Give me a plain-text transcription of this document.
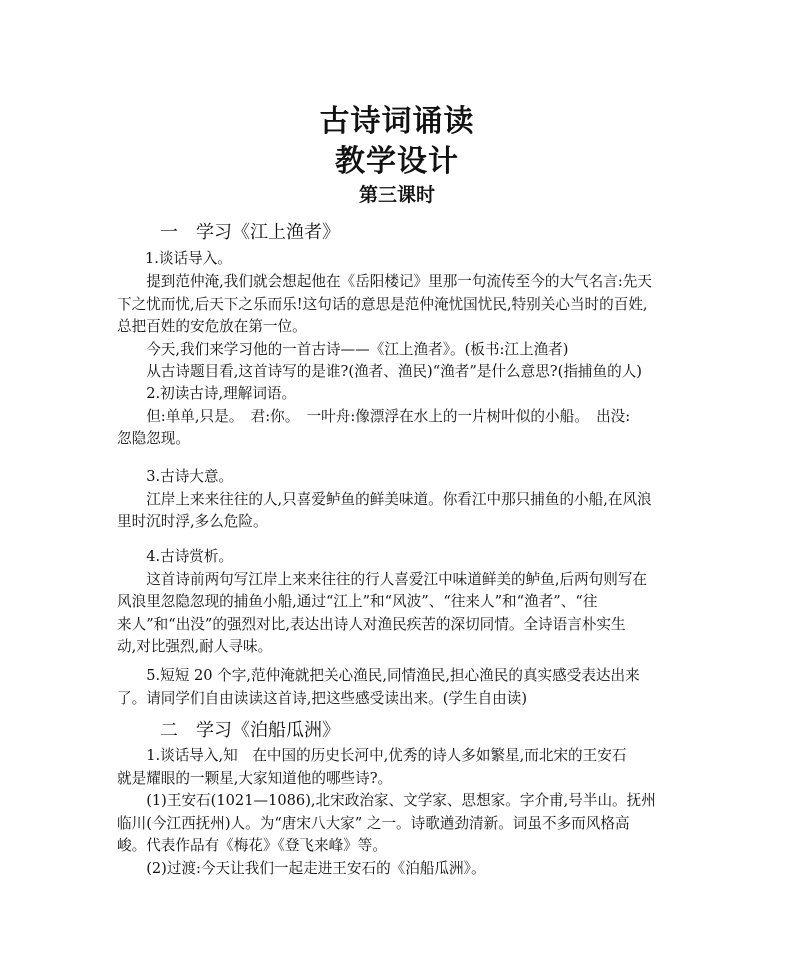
古诗词诵读
教学设计
第三课时
一　学习《江上渔者》
1.谈话导入。
　　提到范仲淹,我们就会想起他在《岳阳楼记》里那一句流传至今的大气名言:先天
下之忧而忧,后天下之乐而乐!这句话的意思是范仲淹忧国忧民,特别关心当时的百姓,
总把百姓的安危放在第一位。
　　今天,我们来学习他的一首古诗——《江上渔者》。(板书:江上渔者)
　　从古诗题目看,这首诗写的是谁?(渔者、渔民)“渔者”是什么意思?(指捕鱼的人)
　　2.初读古诗,理解词语。
　　但:单单,只是。　君:你。　一叶舟:像漂浮在水上的一片树叶似的小船。　出没:
忽隐忽现。
　　3.古诗大意。
　　江岸上来来往往的人,只喜爱鲈鱼的鲜美味道。你看江中那只捕鱼的小船,在风浪
里时沉时浮,多么危险。
　　4.古诗赏析。
　　这首诗前两句写江岸上来来往往的行人喜爱江中味道鲜美的鲈鱼,后两句则写在
风浪里忽隐忽现的捕鱼小船,通过“江上”和“风波”、“往来人”和“渔者”、“往
来人”和“出没”的强烈对比,表达出诗人对渔民疾苦的深切同情。全诗语言朴实生
动,对比强烈,耐人寻味。
　　5.短短 20 个字,范仲淹就把关心渔民,同情渔民,担心渔民的真实感受表达出来
了。请同学们自由读读这首诗,把这些感受读出来。(学生自由读)
二　学习《泊船瓜洲》
　　1.谈话导入,知　在中国的历史长河中,优秀的诗人多如繁星,而北宋的王安石
就是耀眼的一颗星,大家知道他的哪些诗?。
　　(1)王安石(1021—1086),北宋政治家、文学家、思想家。字介甫,号半山。抚州
临川(今江西抚州)人。为“唐宋八大家” 之一。诗歌遒劲清新。词虽不多而风格高
峻。代表作品有《梅花》《登飞来峰》等。
　　(2)过渡:今天让我们一起走进王安石的《泊船瓜洲》。
